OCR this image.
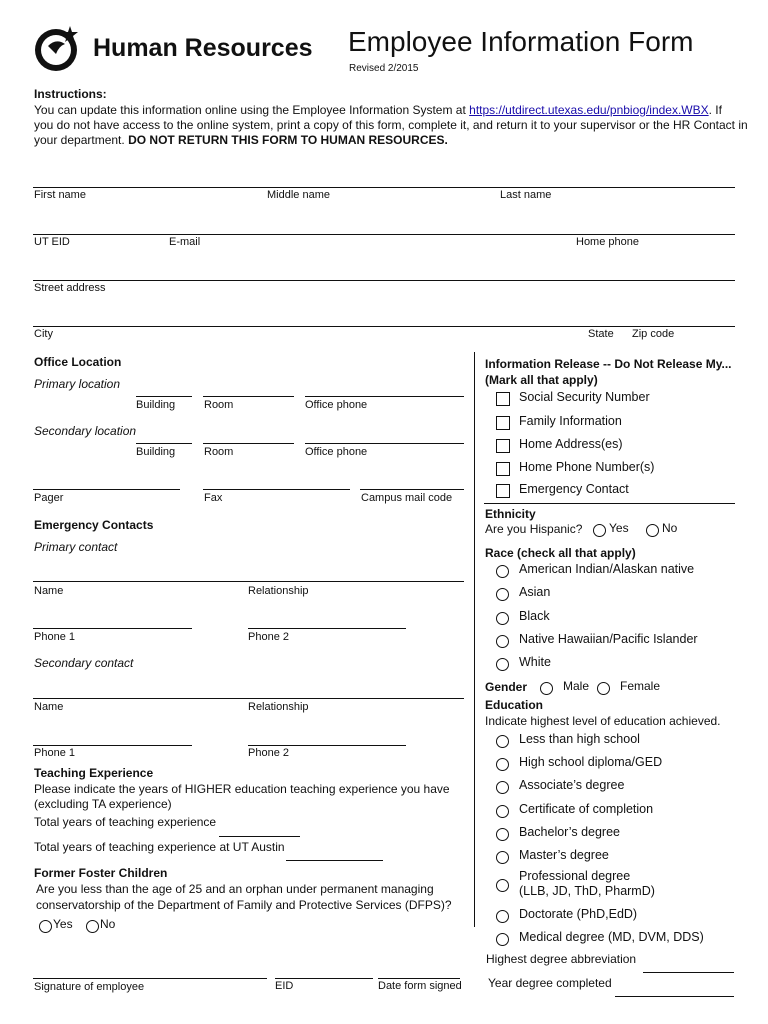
Human Resources Employee Information Form
Revised 2/2015
Instructions:
You can update this information online using the Employee Information System at https://utdirect.utexas.edu/pnbiog/index.WBX. If
you do not have access to the online system, print a copy of this form, complete it, and return it to your supervisor or the HR Contact in
your department. DO NOT RETURN THIS FORM TO HUMAN RESOURCES.
First name	Middle name	Last name
UT EID	E-mail	Home phone
Street address
City	State Zip code
Office Location
Primary location
Building	Room	Office phone
Secondary location
Building	Room	Office phone
Pager	Fax	Campus mail code
Emergency Contacts
Primary contact
Name	Relationship
Phone 1	Phone 2
Secondary contact
Name	Relationship
Phone 1	Phone 2
Teaching Experience
Please indicate the years of HIGHER education teaching experience you have
(excluding TA experience)
Total years of teaching experience
Total years of teaching experience at UT Austin
Former Foster Children
Are you less than the age of 25 and an orphan under permanent managing
conservatorship of the Department of Family and Protective Services (DFPS)?
Yes No
Signature of employee	EID	Date form signed
Information Release -- Do Not Release My...
(Mark all that apply)
Social Security Number
Family Information
Home Address(es)
Home Phone Number(s)
Emergency Contact
Ethnicity
Are you Hispanic? Yes	No
Race (check all that apply)
American Indian/Alaskan native
Asian
Black
Native Hawaiian/Pacific Islander
White
Gender	Male	Female
Education
Indicate highest level of education achieved.
Less than high school
High school diploma/GED
Associate’s degree
Certificate of completion
Bachelor’s degree
Master’s degree
Professional degree
(LLB, JD, ThD, PharmD)
Doctorate (PhD,EdD)
Medical degree (MD, DVM, DDS)
Highest degree abbreviation
Year degree completed
